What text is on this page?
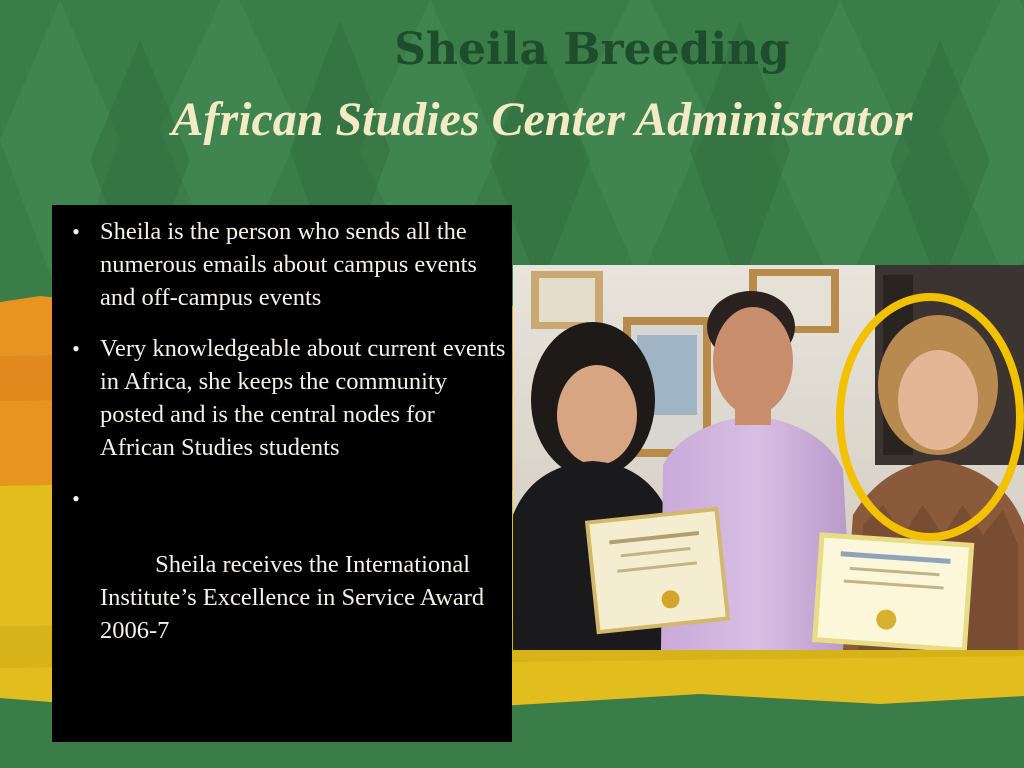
Sheila Breeding
African Studies Center Administrator
• Sheila is the person who sends all the numerous emails about campus events and off-campus events
• Very knowledgeable about current events in Africa, she keeps the community posted and is the central nodes for African Studies students

•

Sheila receives the International Institute’s Excellence in Service Award 2006-7
